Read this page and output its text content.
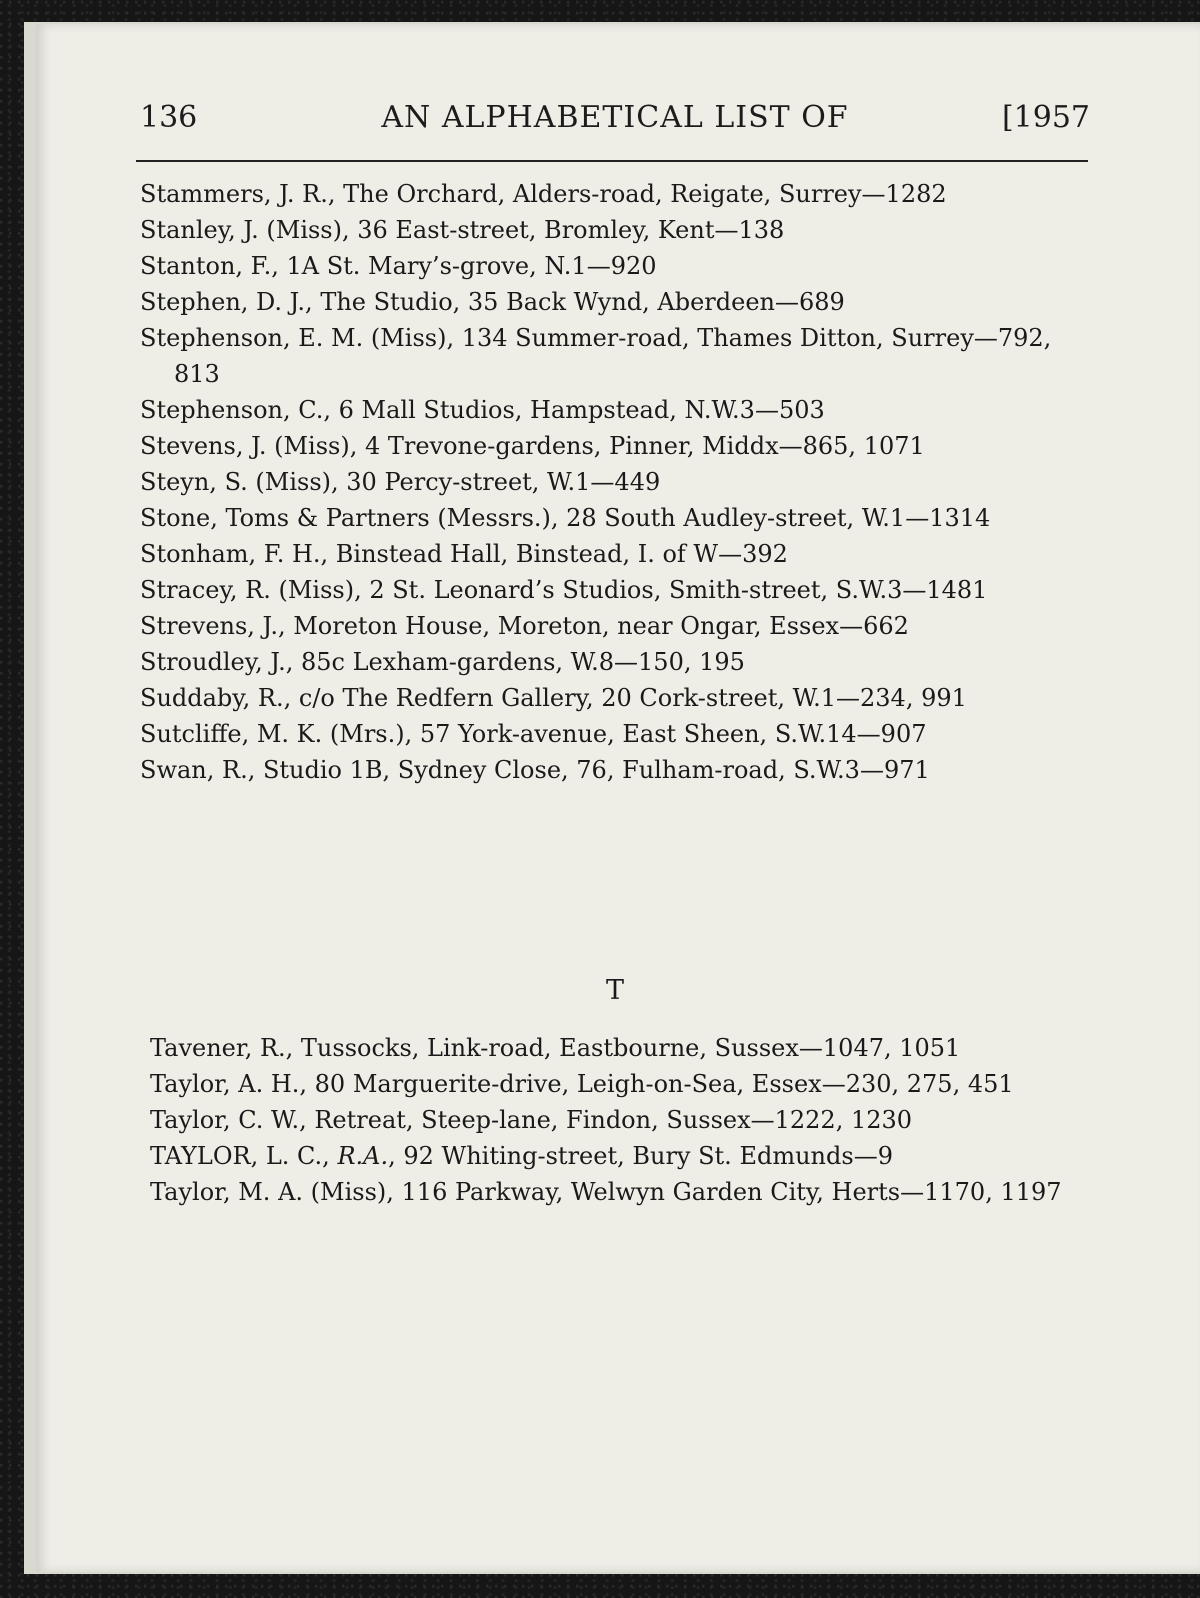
136	AN ALPHABETICAL LIST OF	[1957
Stammers, J. R., The Orchard, Alders-road, Reigate, Surrey—1282
Stanley, J. (Miss), 36 East-street, Bromley, Kent—138
Stanton, F., 1A St. Mary’s-grove, N.1—920
Stephen, D. J., The Studio, 35 Back Wynd, Aberdeen—689
Stephenson, E. M. (Miss), 134 Summer-road, Thames Ditton, Surrey—792, 813
Stephenson, C., 6 Mall Studios, Hampstead, N.W.3—503
Stevens, J. (Miss), 4 Trevone-gardens, Pinner, Middx—865, 1071
Steyn, S. (Miss), 30 Percy-street, W.1—449
Stone, Toms & Partners (Messrs.), 28 South Audley-street, W.1—1314
Stonham, F. H., Binstead Hall, Binstead, I. of W—392
Stracey, R. (Miss), 2 St. Leonard’s Studios, Smith-street, S.W.3—1481
Strevens, J., Moreton House, Moreton, near Ongar, Essex—662
Stroudley, J., 85c Lexham-gardens, W.8—150, 195
Suddaby, R., c/o The Redfern Gallery, 20 Cork-street, W.1—234, 991
Sutcliffe, M. K. (Mrs.), 57 York-avenue, East Sheen, S.W.14—907
Swan, R., Studio 1B, Sydney Close, 76, Fulham-road, S.W.3—971
T
Tavener, R., Tussocks, Link-road, Eastbourne, Sussex—1047, 1051
Taylor, A. H., 80 Marguerite-drive, Leigh-on-Sea, Essex—230, 275, 451
Taylor, C. W., Retreat, Steep-lane, Findon, Sussex—1222, 1230
TAYLOR, L. C., R.A., 92 Whiting-street, Bury St. Edmunds—9
Taylor, M. A. (Miss), 116 Parkway, Welwyn Garden City, Herts—1170, 1197
